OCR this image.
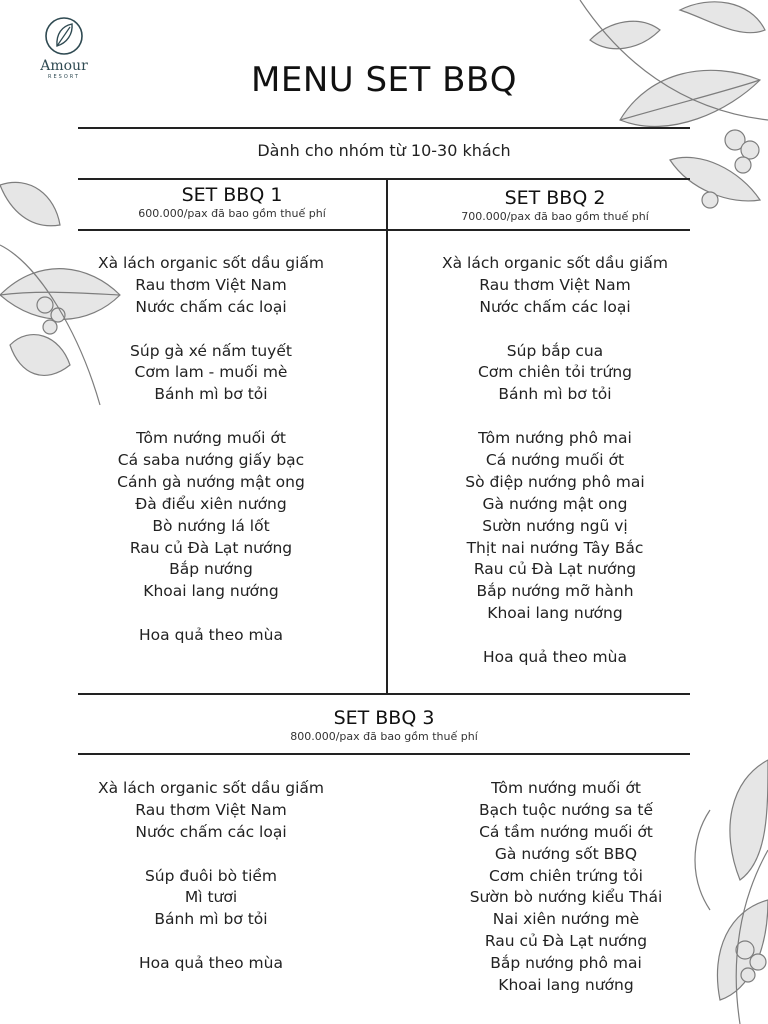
Amour
RESORT	MENU SET BBQ
Dành cho nhóm từ 10-30 khách
SET BBQ 1
600.000/pax đã bao gồm thuế phí
SET BBQ 2
700.000/pax đã bao gồm thuế phí
Xà lách organic sốt dầu giấm
Rau thơm Việt Nam
Nước chấm các loại
Súp gà xé nấm tuyết
Cơm lam - muối mè
Bánh mì bơ tỏi
Tôm nướng muối ớt
Cá saba nướng giấy bạc
Cánh gà nướng mật ong
Đà điểu xiên nướng
Bò nướng lá lốt
Rau củ Đà Lạt nướng
Bắp nướng
Khoai lang nướng
Hoa quả theo mùa
Xà lách organic sốt dầu giấm
Rau thơm Việt Nam
Nước chấm các loại
Súp bắp cua
Cơm chiên tỏi trứng
Bánh mì bơ tỏi
Tôm nướng phô mai
Cá nướng muối ớt
Sò điệp nướng phô mai
Gà nướng mật ong
Sườn nướng ngũ vị
Thịt nai nướng Tây Bắc
Rau củ Đà Lạt nướng
Bắp nướng mỡ hành
Khoai lang nướng
Hoa quả theo mùa
SET BBQ 3
800.000/pax đã bao gồm thuế phí
Xà lách organic sốt dầu giấm
Rau thơm Việt Nam
Nước chấm các loại
Súp đuôi bò tiềm
Mì tươi
Bánh mì bơ tỏi
Hoa quả theo mùa
Tôm nướng muối ớt
Bạch tuộc nướng sa tế
Cá tầm nướng muối ớt
Gà nướng sốt BBQ
Cơm chiên trứng tỏi
Sườn bò nướng kiểu Thái
Nai xiên nướng mè
Rau củ Đà Lạt nướng
Bắp nướng phô mai
Khoai lang nướng
